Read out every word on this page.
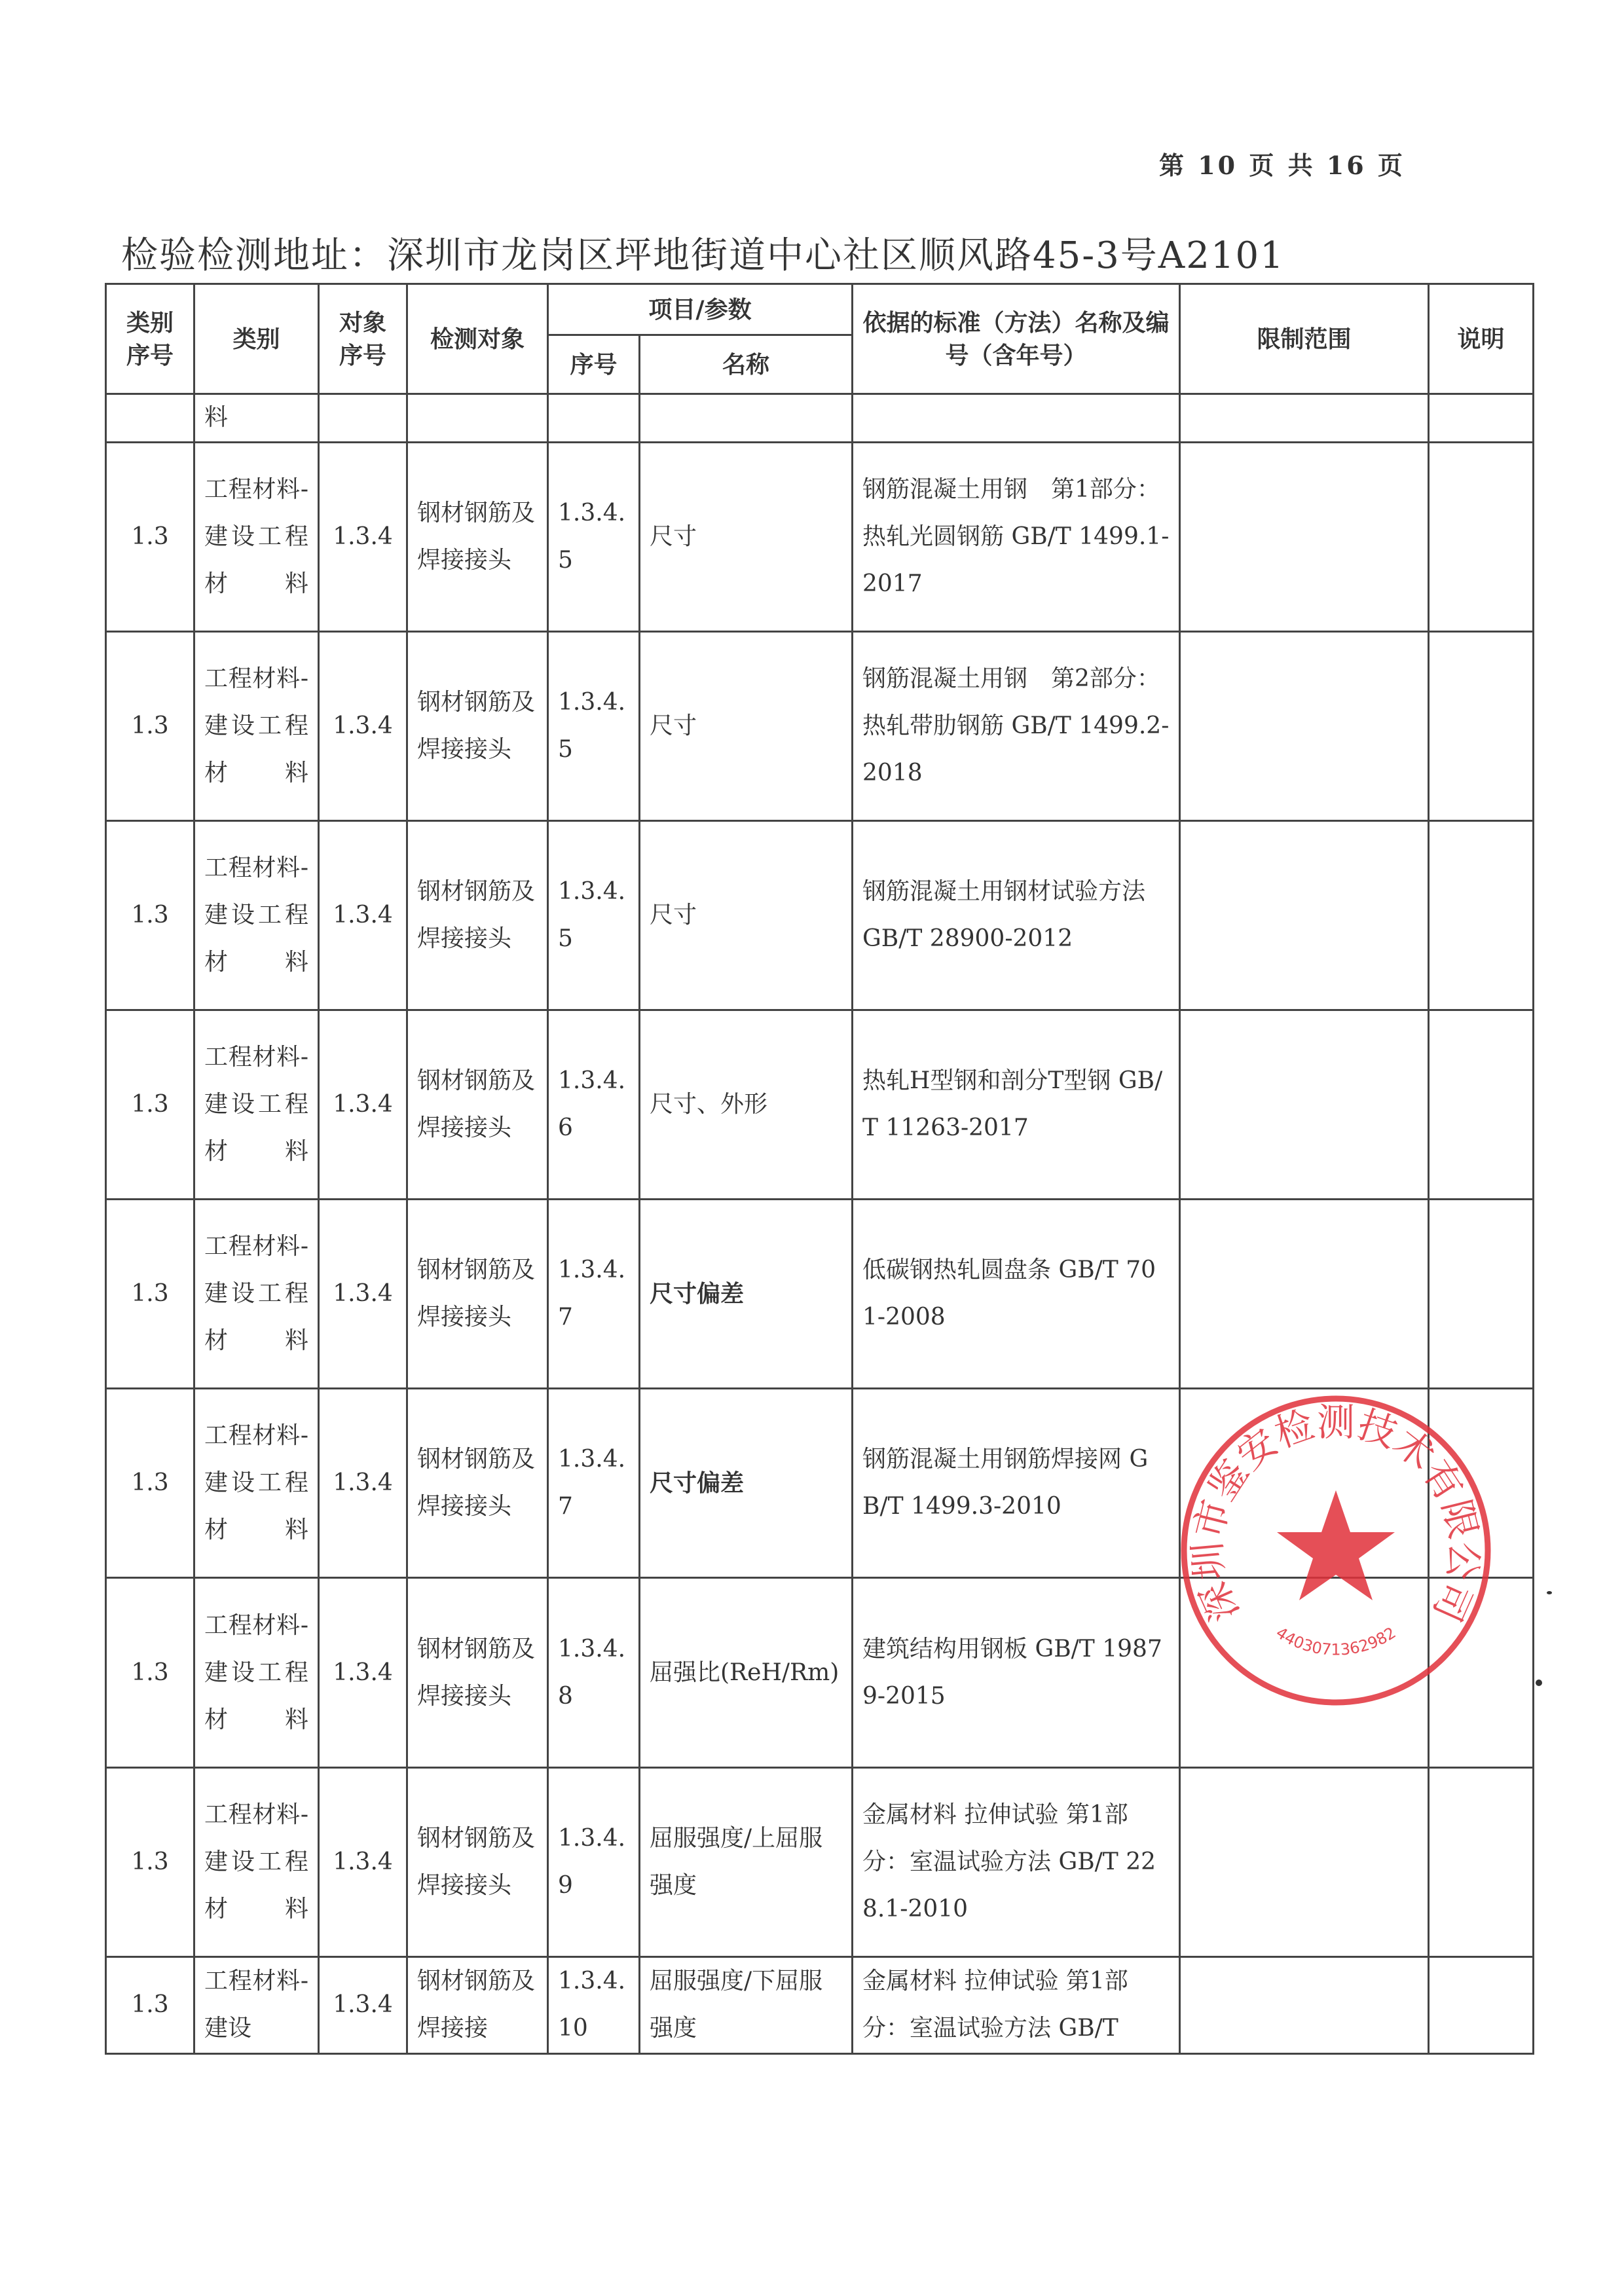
第 10 页 共 16 页
检验检测地址：深圳市龙岗区坪地街道中心社区顺风路45-3号A2101
类别序号	类别	对象序号	检测对象	项目/参数		依据的标准（方法）名称及编号（含年号）	限制范围	说明
				序号	名称			
	料							
1.3	工程材料-建设工程材料	1.3.4	钢材钢筋及焊接接头	1.3.4.5	尺寸	钢筋混凝土用钢　第1部分：热轧光圆钢筋 GB/T 1499.1-2017		
1.3	工程材料-建设工程材料	1.3.4	钢材钢筋及焊接接头	1.3.4.5	尺寸	钢筋混凝土用钢　第2部分：热轧带肋钢筋 GB/T 1499.2-2018		
1.3	工程材料-建设工程材料	1.3.4	钢材钢筋及焊接接头	1.3.4.5	尺寸	钢筋混凝土用钢材试验方法 GB/T 28900-2012		
1.3	工程材料-建设工程材料	1.3.4	钢材钢筋及焊接接头	1.3.4.6	尺寸、外形	热轧H型钢和剖分T型钢 GB/T 11263-2017		
1.3	工程材料-建设工程材料	1.3.4	钢材钢筋及焊接接头	1.3.4.7	尺寸偏差	低碳钢热轧圆盘条 GB/T 701-2008		
1.3	工程材料-建设工程材料	1.3.4	钢材钢筋及焊接接头	1.3.4.7	尺寸偏差	钢筋混凝土用钢筋焊接网 GB/T 1499.3-2010		
1.3	工程材料-建设工程材料	1.3.4	钢材钢筋及焊接接头	1.3.4.8	屈强比(ReH/Rm)	建筑结构用钢板 GB/T 19879-2015		
1.3	工程材料-建设工程材料	1.3.4	钢材钢筋及焊接接头	1.3.4.9	屈服强度/上屈服强度	金属材料 拉伸试验 第1部分：室温试验方法 GB/T 228.1-2010		
1.3	工程材料-建设	1.3.4	钢材钢筋及焊接接	1.3.4.10	屈服强度/下屈服强度	金属材料 拉伸试验 第1部分：室温试验方法 GB/T		
深圳市鉴安检测技术有限公司
4403071362982
